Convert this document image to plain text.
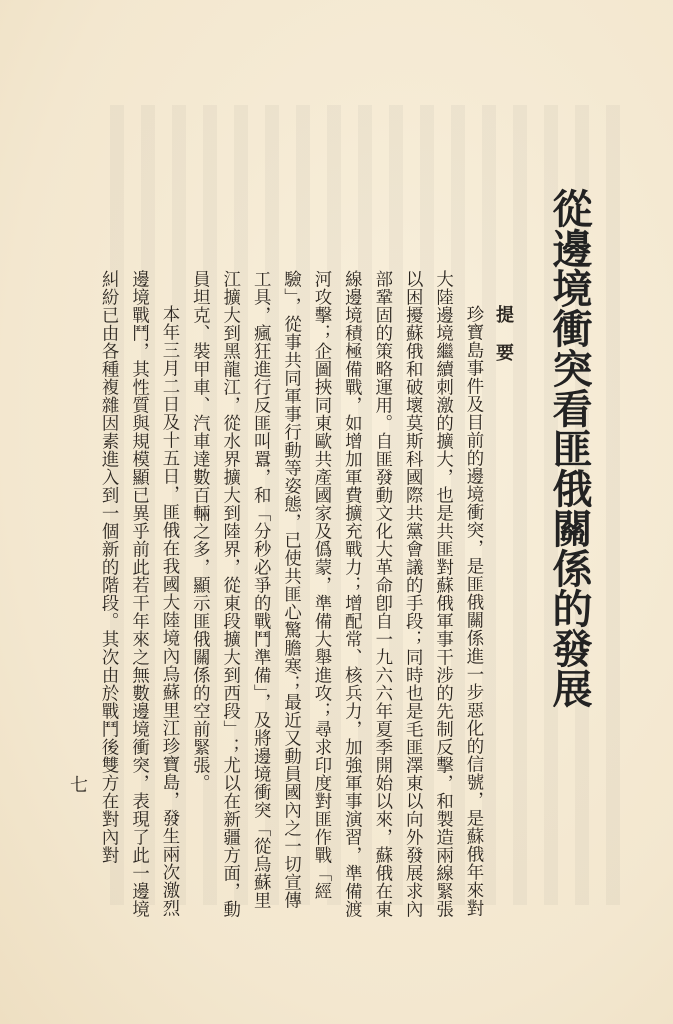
從邊境衝突看匪俄關係的發展
提要

珍寶島事件及目前的邊境衝突，是匪俄關係進一步惡化的信號，是蘇俄年來對大陸邊境繼續刺激的擴大，也是共匪對蘇俄軍事干涉的先制反擊，和製造兩線緊張以困擾蘇俄和破壞莫斯科國際共黨會議的手段；同時也是毛匪澤東以向外發展求內部鞏固的策略運用。自匪發動文化大革命卽自一九六六年夏季開始以來，蘇俄在東線邊境積極備戰，如增加軍費擴充戰力；增配常、核兵力，加強軍事演習，準備渡河攻擊；企圖挾同東歐共產國家及僞蒙，準備大舉進攻；尋求印度對匪作戰「經驗」，從事共同軍事行動等姿態，已使共匪心驚膽寒；最近又動員國內之一切宣傳工具，瘋狂進行反匪叫囂，和「分秒必爭的戰鬥準備」，及將邊境衝突「從烏蘇里江擴大到黑龍江，從水界擴大到陸界，從東段擴大到西段」；尤以在新疆方面，動員坦克、裝甲車、汽車達數百輛之多，顯示匪俄關係的空前緊張。

本年三月二日及十五日，匪俄在我國大陸境內烏蘇里江珍寶島，發生兩次激烈邊境戰鬥，其性質與規模顯已異乎前此若干年來之無數邊境衝突，表現了此一邊境糾紛已由各種複雜因素進入到一個新的階段。其次由於戰鬥後雙方在對內對

七
